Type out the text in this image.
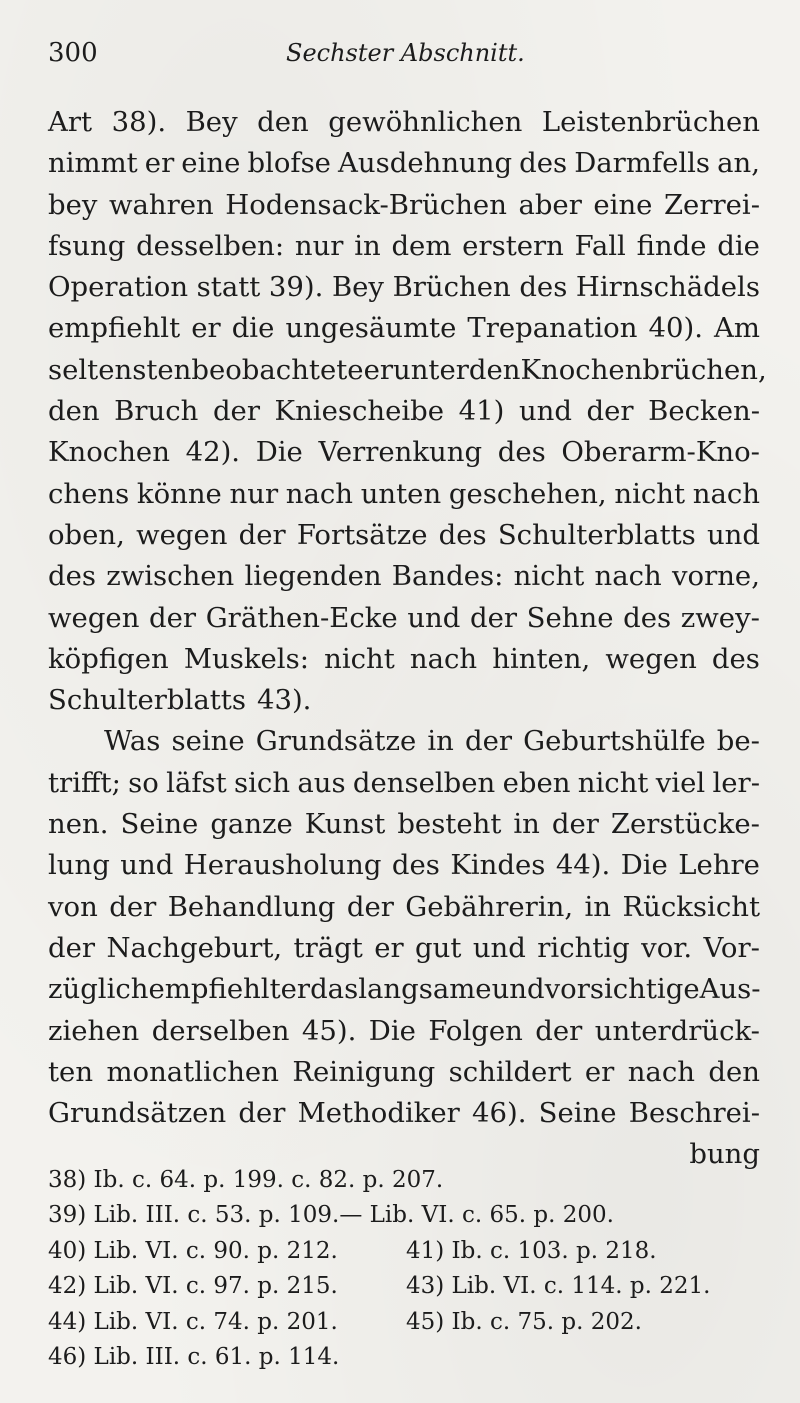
300	Sechster Abschnitt.
Art 38). Bey den gewöhnlichen Leistenbrüchen
nimmt er eine blofse Ausdehnung des Darmfells an,
bey wahren Hodensack-Brüchen aber eine Zerrei-
fsung desselben: nur in dem erstern Fall finde die
Operation statt 39). Bey Brüchen des Hirnschädels
empfiehlt er die ungesäumte Trepanation 40). Am
seltensten beobachtete er unter den Knochenbrüchen,
den Bruch der Kniescheibe 41) und der Becken-
Knochen 42). Die Verrenkung des Oberarm-Kno-
chens könne nur nach unten geschehen, nicht nach
oben, wegen der Fortsätze des Schulterblatts und
des zwischen liegenden Bandes: nicht nach vorne,
wegen der Gräthen-Ecke und der Sehne des zwey-
köpfigen Muskels: nicht nach hinten, wegen des
Schulterblatts 43).
Was seine Grundsätze in der Geburtshülfe be-
trifft; so läfst sich aus denselben eben nicht viel ler-
nen. Seine ganze Kunst besteht in der Zerstücke-
lung und Herausholung des Kindes 44). Die Lehre
von der Behandlung der Gebährerin, in Rücksicht
der Nachgeburt, trägt er gut und richtig vor. Vor-
züglich empfiehlt er das langsame und vorsichtige Aus-
ziehen derselben 45). Die Folgen der unterdrück-
ten monatlichen Reinigung schildert er nach den
Grundsätzen der Methodiker 46). Seine Beschrei-
bung
38) Ib. c. 64. p. 199. c. 82. p. 207.
39) Lib. III. c. 53. p. 109.— Lib. VI. c. 65. p. 200.
40) Lib. VI. c. 90. p. 212.	41) Ib. c. 103. p. 218.
42) Lib. VI. c. 97. p. 215.	43) Lib. VI. c. 114. p. 221.
44) Lib. VI. c. 74. p. 201.	45) Ib. c. 75. p. 202.
46) Lib. III. c. 61. p. 114.
